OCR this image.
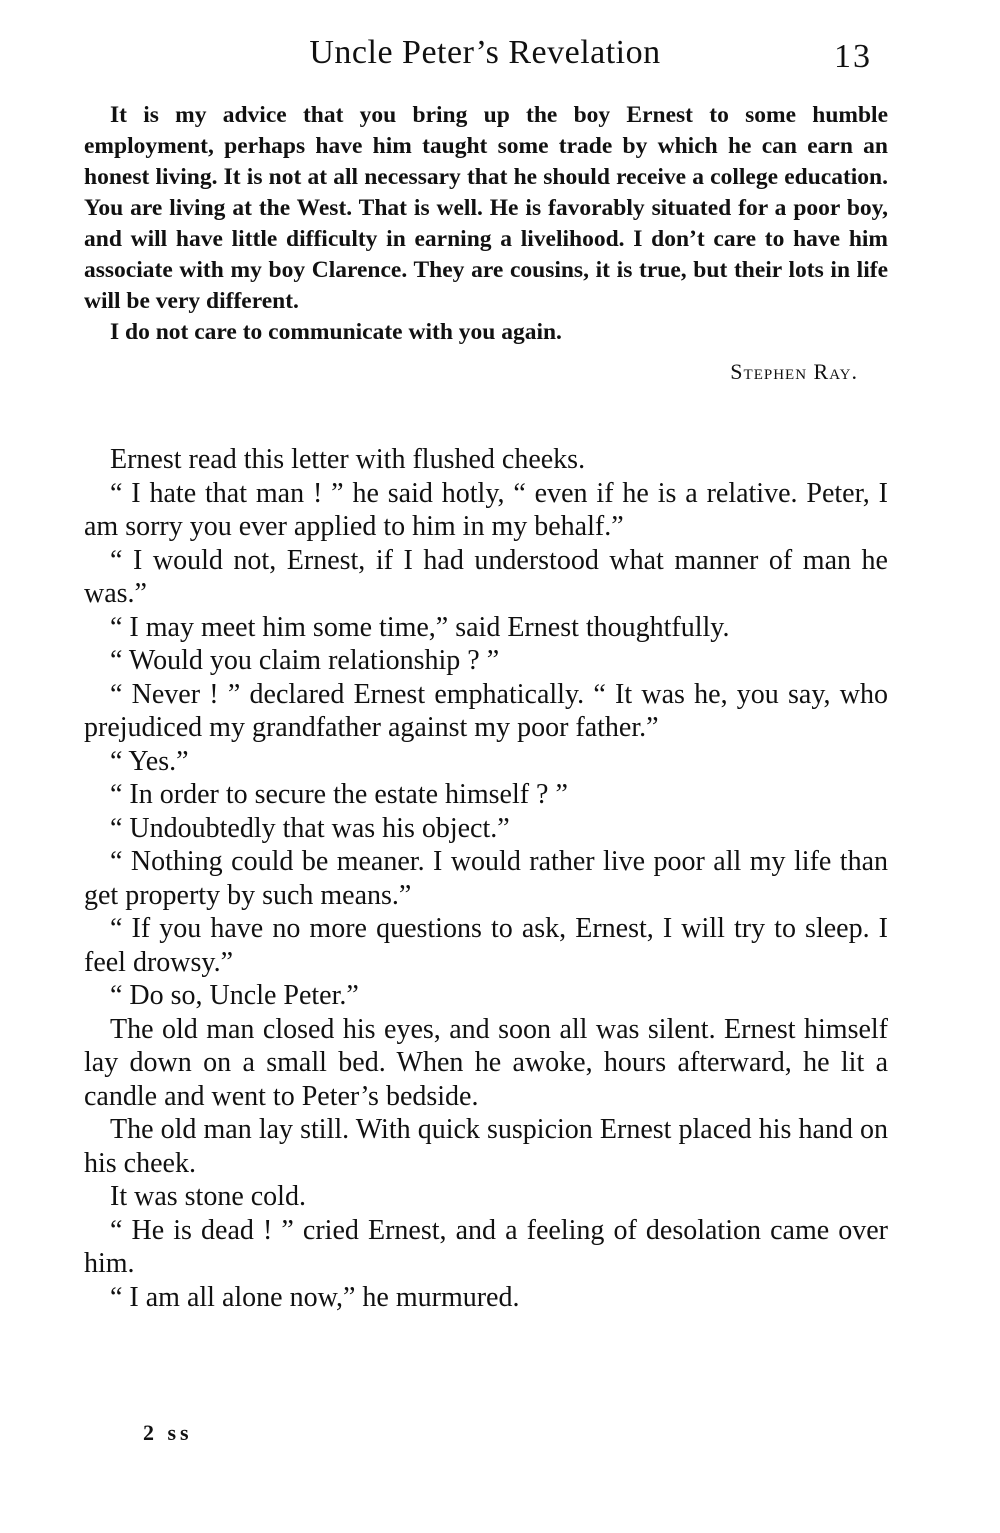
Uncle Peter’s Revelation	13

It is my advice that you bring up the boy Ernest to some humble employment, perhaps have him taught some trade by which he can earn an honest living. It is not at all necessary that he should receive a college education. You are living at the West. That is well. He is favorably situated for a poor boy, and will have little difficulty in earning a livelihood. I don’t care to have him associate with my boy Clarence. They are cousins, it is true, but their lots in life will be very different.

I do not care to communicate with you again.

Stephen Ray.

Ernest read this letter with flushed cheeks.

“ I hate that man ! ” he said hotly, “ even if he is a relative. Peter, I am sorry you ever applied to him in my behalf.”

“ I would not, Ernest, if I had understood what manner of man he was.”

“ I may meet him some time,” said Ernest thoughtfully.

“ Would you claim relationship ? ”

“ Never ! ” declared Ernest emphatically. “ It was he, you say, who prejudiced my grandfather against my poor father.”

“ Yes.”

“ In order to secure the estate himself ? ”

“ Undoubtedly that was his object.”

“ Nothing could be meaner. I would rather live poor all my life than get property by such means.”

“ If you have no more questions to ask, Ernest, I will try to sleep. I feel drowsy.”

“ Do so, Uncle Peter.”

The old man closed his eyes, and soon all was silent. Ernest himself lay down on a small bed. When he awoke, hours afterward, he lit a candle and went to Peter’s bedside.

The old man lay still. With quick suspicion Ernest placed his hand on his cheek.

It was stone cold.

“ He is dead ! ” cried Ernest, and a feeling of desolation came over him.

“ I am all alone now,” he murmured.

2 ss
